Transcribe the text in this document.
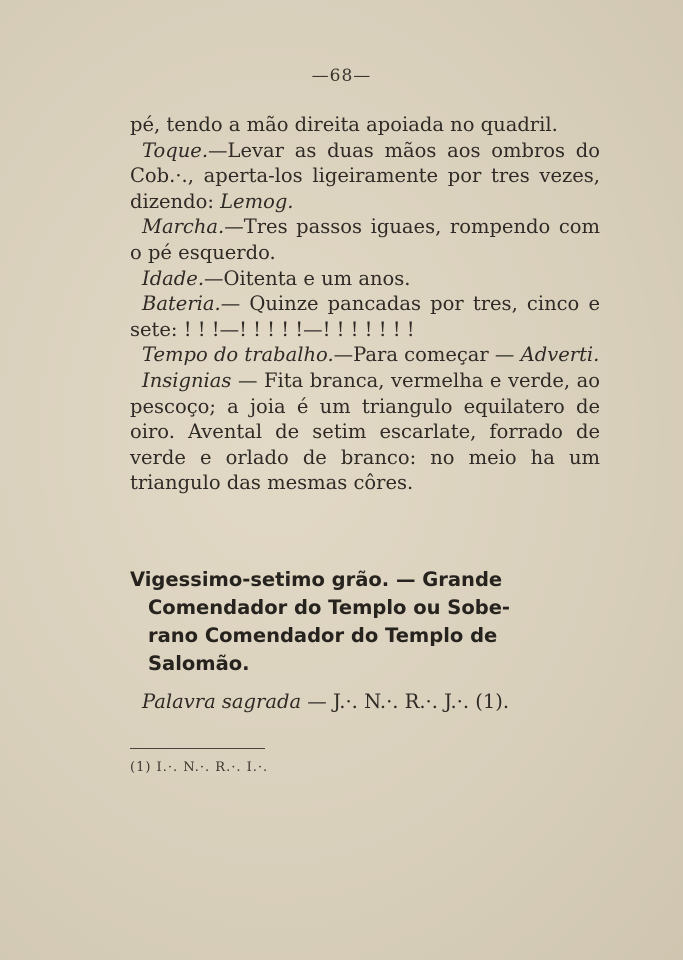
—68—

pé, tendo a mão direita apoiada no quadril.

Toque.—Levar as duas mãos aos ombros do Cob.·., aperta-los ligeiramente por tres vezes, dizendo: Lemog.

Marcha.—Tres passos iguaes, rompendo com o pé esquerdo.

Idade.—Oitenta e um anos.

Bateria.— Quinze pancadas por tres, cinco e sete: ! ! !—! ! ! ! !—! ! ! ! ! ! !

Tempo do trabalho.—Para começar — Adverti.

Insignias — Fita branca, vermelha e verde, ao pescoço; a joia é um triangulo equilatero de oiro. Avental de setim escarlate, forrado de verde e orlado de branco: no meio ha um triangulo das mesmas côres.

Vigessimo-setimo grão. — Grande
Comendador do Templo ou Sobe-
rano Comendador do Templo de
Salomão.

Palavra sagrada — J.·. N.·. R.·. J.·. (1).

(1) I.·. N.·. R.·. I.·.
